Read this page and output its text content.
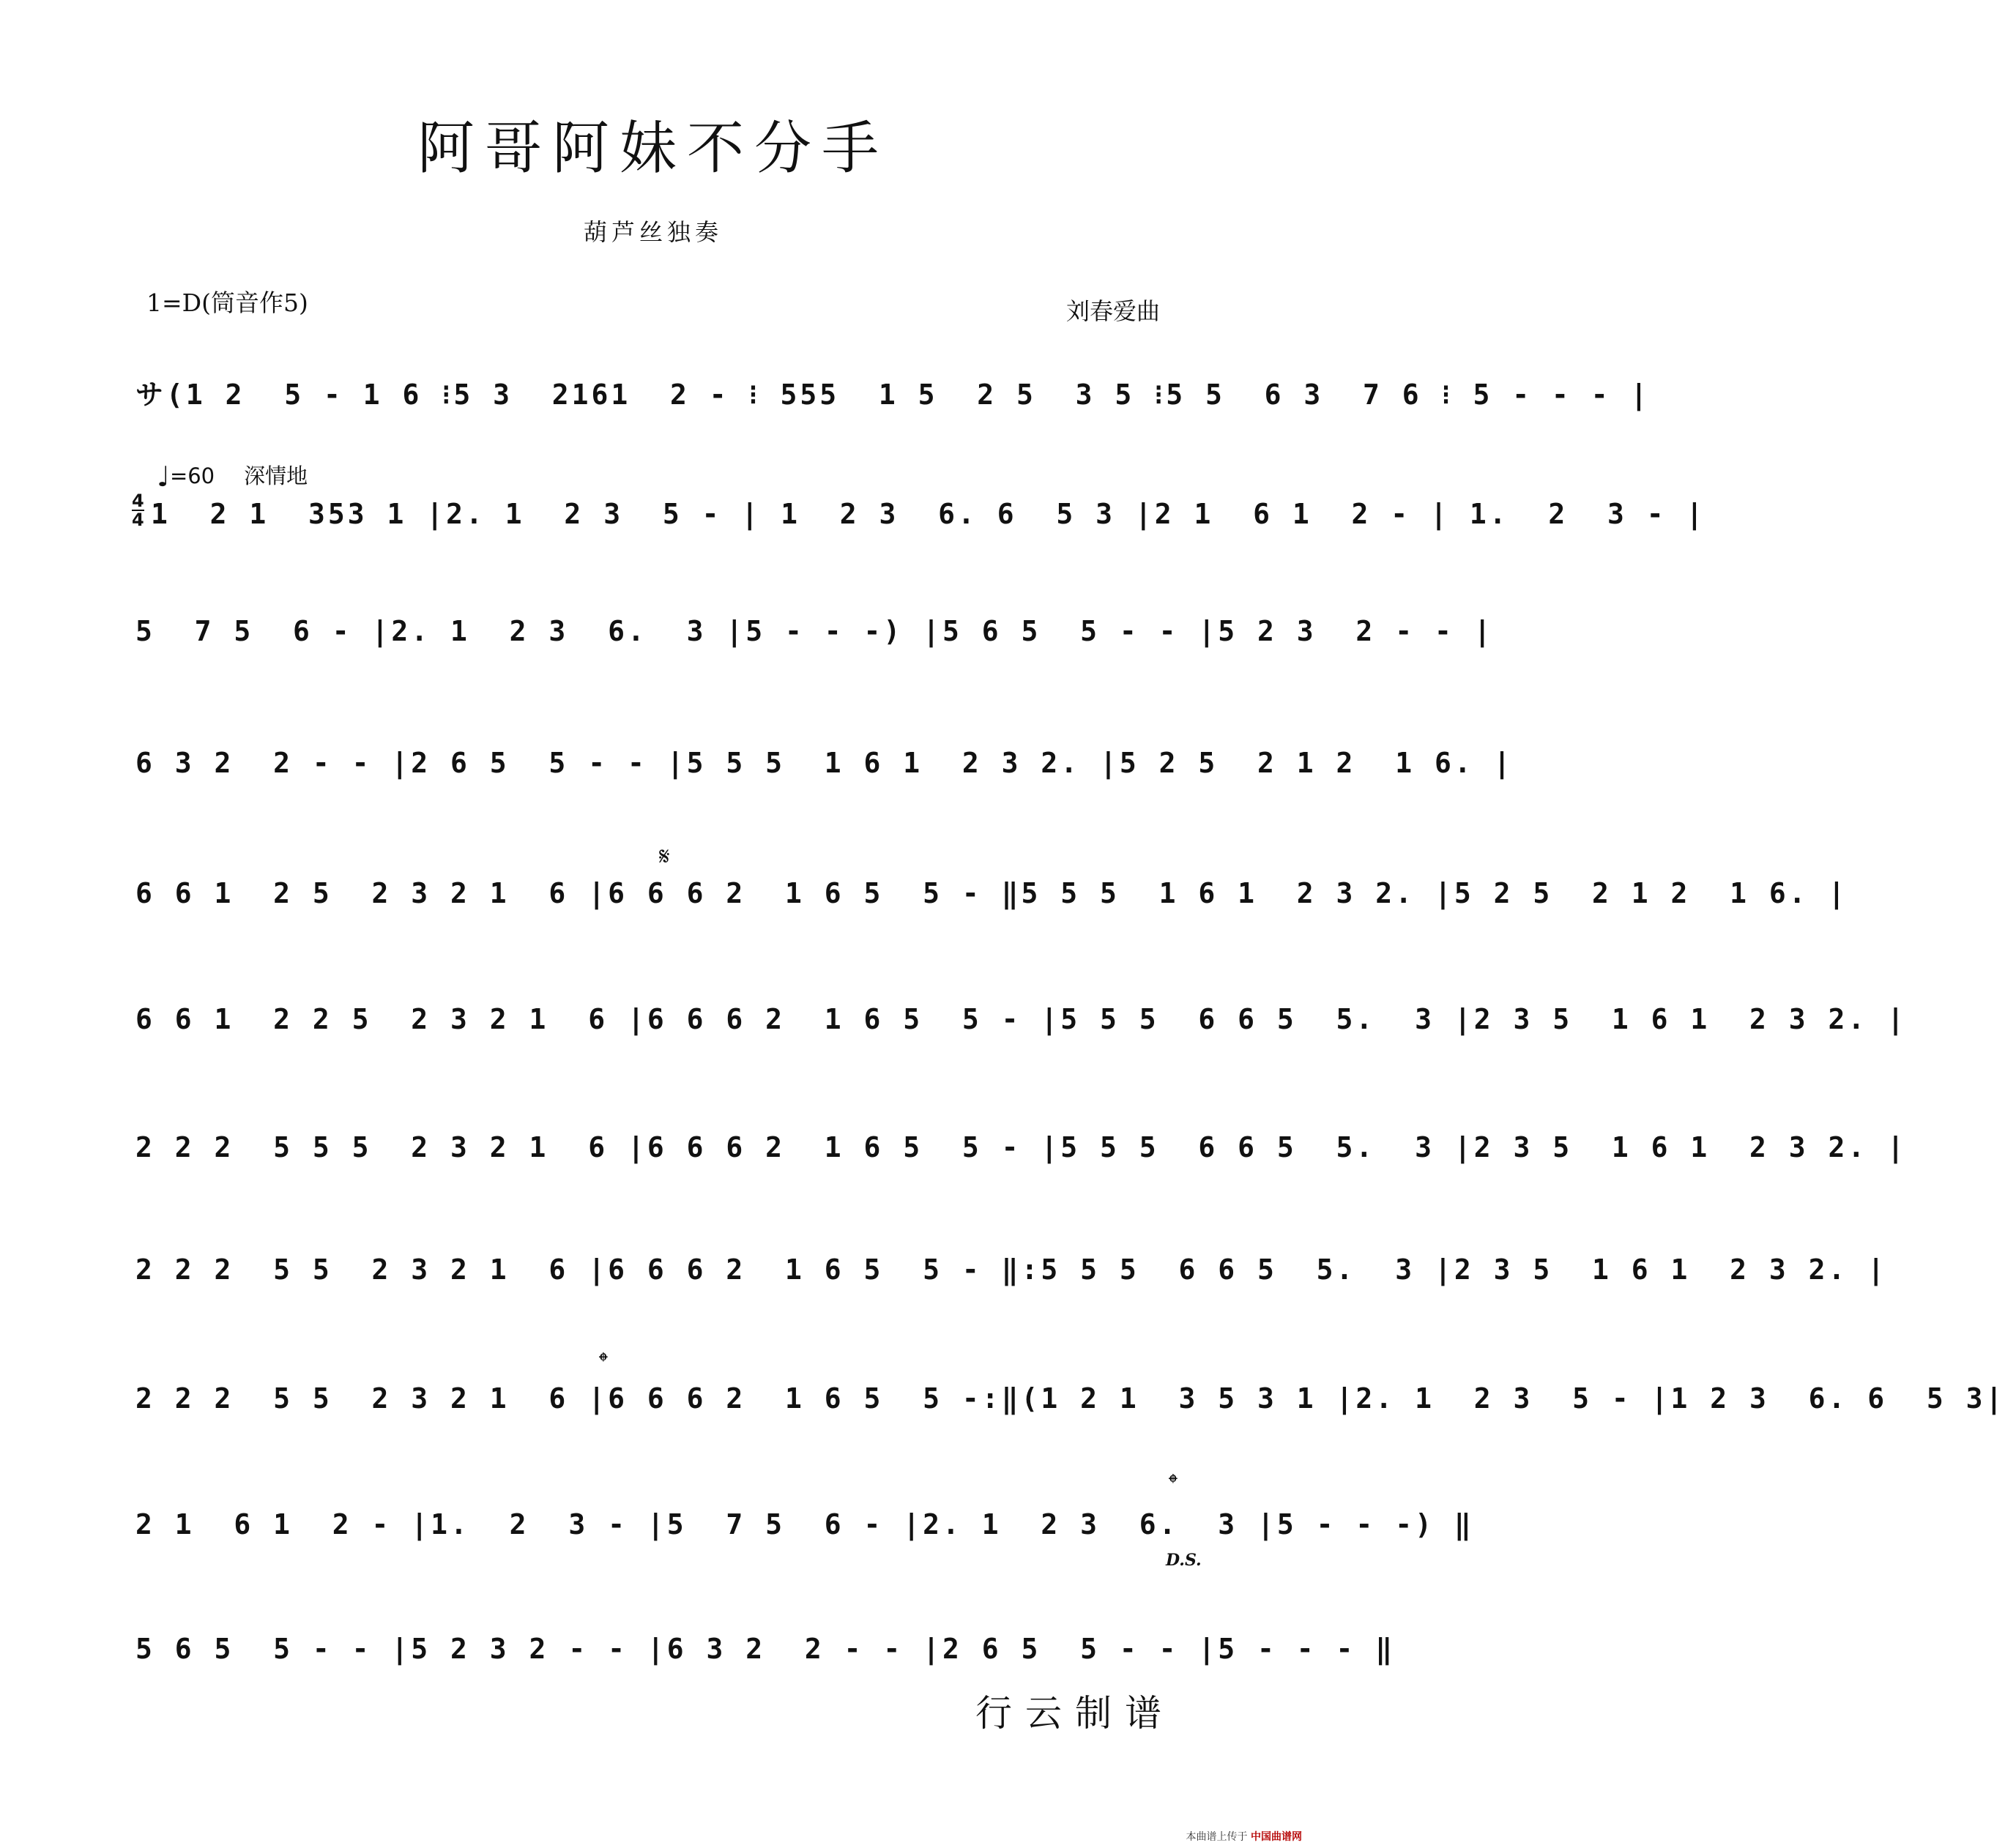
阿哥阿妹不分手
葫芦丝独奏
1=D(筒音作5)	刘春爱曲
♩=60 深情地
4
4
サ(1 2  5 - 1 6 ⁝5 3  2161  2 - ⁝ 555  1 5  2 5  3 5 ⁝5 5  6 3  7 6 ⁝ 5 - - - |
1  2 1  353 1 |2. 1  2 3  5 - | 1  2 3  6. 6  5 3 |2 1  6 1  2 - | 1.  2  3 - |
5  7 5  6 - |2. 1  2 3  6.  3 |5 - - -) |5 6 5  5 - - |5 2 3  2 - - |
6 3 2  2 - - |2 6 5  5 - - |5 5 5  1 6 1  2 3 2. |5 2 5  2 1 2  1 6. |
6 6 1  2 5  2 3 2 1  6 |6 6 6 2  1 6 5  5 - ‖5 5 5  1 6 1  2 3 2. |5 2 5  2 1 2  1 6. |
6 6 1  2 2 5  2 3 2 1  6 |6 6 6 2  1 6 5  5 - |5 5 5  6 6 5  5.  3 |2 3 5  1 6 1  2 3 2. |
2 2 2  5 5 5  2 3 2 1  6 |6 6 6 2  1 6 5  5 - |5 5 5  6 6 5  5.  3 |2 3 5  1 6 1  2 3 2. |
2 2 2  5 5  2 3 2 1  6 |6 6 6 2  1 6 5  5 - ‖:5 5 5  6 6 5  5.  3 |2 3 5  1 6 1  2 3 2. |
2 2 2  5 5  2 3 2 1  6 |6 6 6 2  1 6 5  5 -:‖(1 2 1  3 5 3 1 |2. 1  2 3  5 - |1 2 3  6. 6  5 3|
2 1  6 1  2 - |1.  2  3 - |5  7 5  6 - |2. 1  2 3  6.  3 |5 - - -) ‖
5 6 5  5 - - |5 2 3 2 - - |6 3 2  2 - - |2 6 5  5 - - |5 - - - ‖
𝄋
𝄌
𝄌
D.S.
行云制谱
本曲谱上传于 中国曲谱网
